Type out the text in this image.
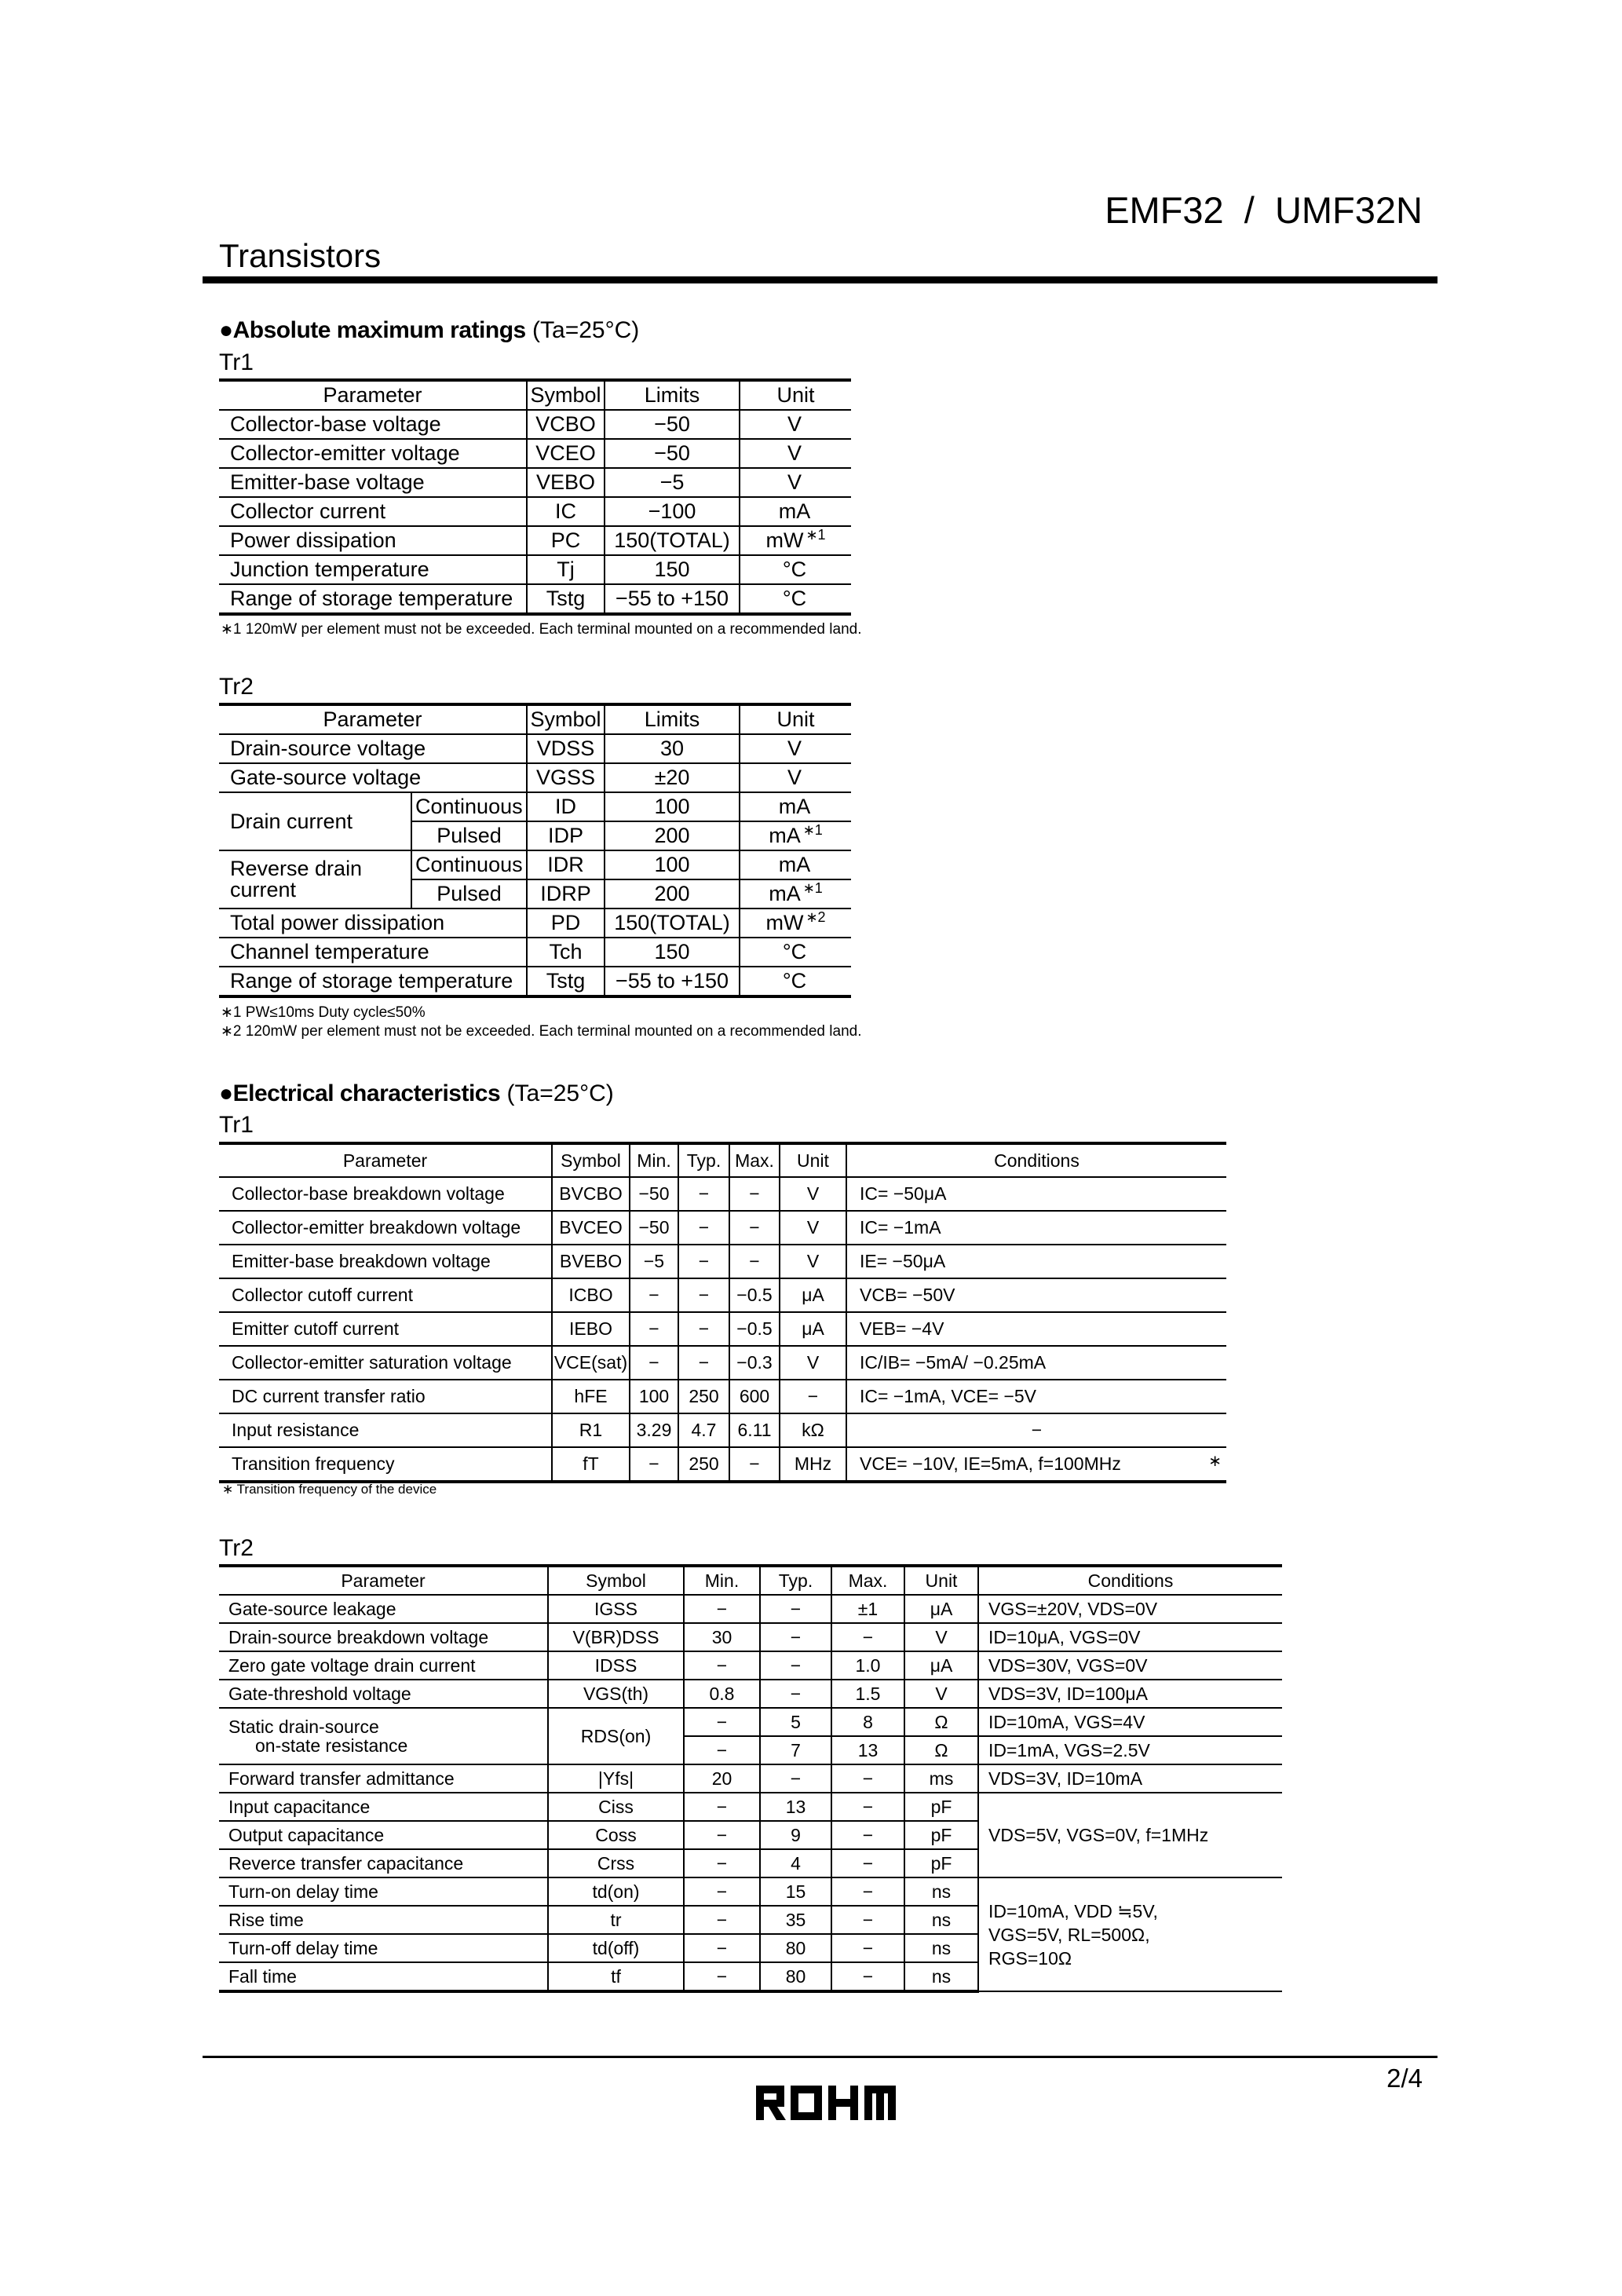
EMF32  /  UMF32N
Transistors
●Absolute maximum ratings (Ta=25°C)
Tr1
Parameter	Symbol	Limits	Unit
Collector-base voltage	VCBO	−50	V
Collector-emitter voltage	VCEO	−50	V
Emitter-base voltage	VEBO	−5	V
Collector current	IC	−100	mA
Power dissipation	PC	150(TOTAL)	mW $^{∗1}$
Junction temperature	Tj	150	°C
Range of storage temperature	Tstg	−55 to +150	°C
∗1 120mW per element must not be exceeded. Each terminal mounted on a recommended land.
Tr2
Parameter		Symbol	Limits	Unit
Drain-source voltage		VDSS	30	V
Gate-source voltage		VGSS	±20	V
Drain current	Continuous	ID	100	mA
	Pulsed	IDP	200	mA $^{∗1}$

Reverse drain
current	Continuous	IDR	100	mA
	Pulsed	IDRP	200	mA $^{∗1}$
Total power dissipation		PD	150(TOTAL)	mW $^{∗2}$
Channel temperature		Tch	150	°C
Range of storage temperature		Tstg	−55 to +150	°C
∗1 PW≤10ms Duty cycle≤50%
∗2 120mW per element must not be exceeded. Each terminal mounted on a recommended land.
●Electrical characteristics (Ta=25°C)
Tr1
Parameter	Symbol	Min.	Typ.	Max.	Unit	Conditions
Collector-base breakdown voltage	BVCBO	−50	−	−	V	IC= −50μA

Collector-emitter breakdown voltage	BVCEO	−50	−	−	V	IC= −1mA

Emitter-base breakdown voltage	BVEBO	−5	−	−	V	IE= −50μA

Collector cutoff current	ICBO	−	−	−0.5	μA	VCB= −50V

Emitter cutoff current	IEBO	−	−	−0.5	μA	VEB= −4V

Collector-emitter saturation voltage	VCE(sat)	−	−	−0.3	V	IC/IB= −5mA/ −0.25mA

DC current transfer ratio	hFE	100	250	600	−	IC= −1mA, VCE= −5V

Input resistance	R1	3.29	4.7	6.11	kΩ	−

Transition frequency	fT	−	250	−	MHz	VCE= −10V, IE=5mA, f=100MHz ∗
∗ Transition frequency of the device
Tr2
Parameter	Symbol	Min.	Typ.	Max.	Unit	Conditions
Gate-source leakage	IGSS	−	−	±1	μA	VGS=±20V, VDS=0V
Drain-source breakdown voltage	V(BR)DSS	30	−	−	V	ID=10μA, VGS=0V
Zero gate voltage drain current	IDSS	−	−	1.0	μA	VDS=30V, VGS=0V
Gate-threshold voltage	VGS(th)	0.8	−	1.5	V	VDS=3V, ID=100μA

Static drain-source
on-state resistance	RDS(on)	−	5	8	Ω	ID=10mA, VGS=4V
		−	7	13	Ω	ID=1mA, VGS=2.5V
Forward transfer admittance	|Yfs|	20	−	−	ms	VDS=3V, ID=10mA
Input capacitance	Ciss	−	13	−	pF	VDS=5V, VGS=0V, f=1MHz
Output capacitance	Coss	−	9	−	pF	
Reverce transfer capacitance	Crss	−	4	−	pF	
Turn-on delay time	td(on)	−	15	−	ns	ID=10mA, VDD ≒5V,
VGS=5V, RL=500Ω,
RGS=10Ω

Rise time	tr	−	35	−	ns	
Turn-off delay time	td(off)	−	80	−	ns	
Fall time	tf	−	80	−	ns	
2/4
